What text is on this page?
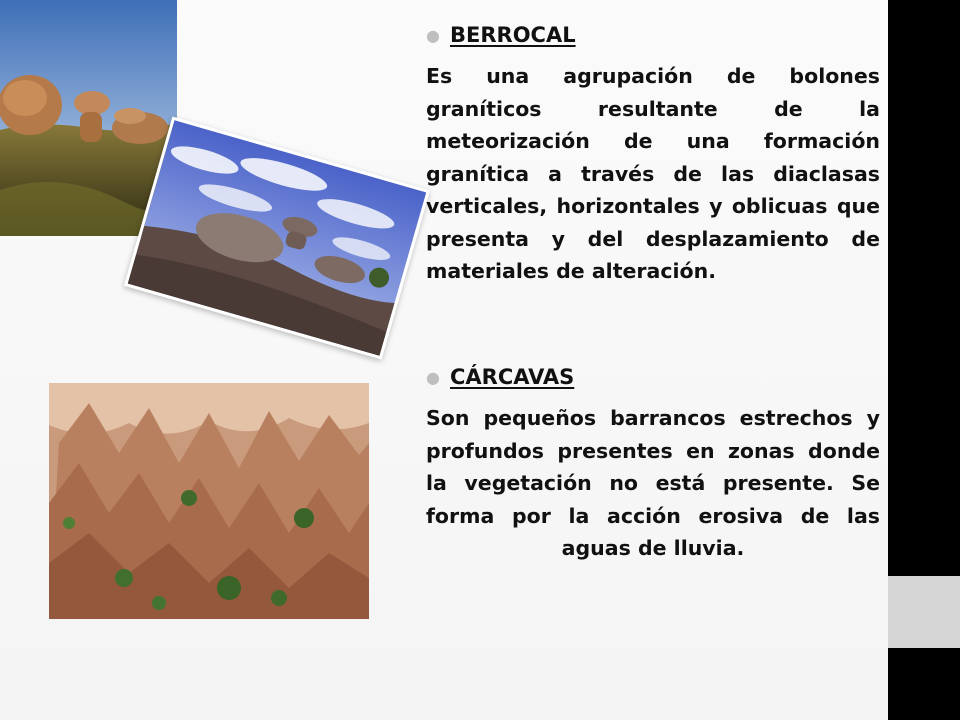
● BERROCAL

Es una agrupación de bolones graníticos resultante de la meteorización de una formación granítica a través de las diaclasas verticales, horizontales y oblicuas que presenta y del desplazamiento de materiales de alteración.

● CÁRCAVAS

Son pequeños barrancos estrechos y profundos presentes en zonas donde la vegetación no está presente. Se forma por la acción erosiva de las aguas de lluvia.
